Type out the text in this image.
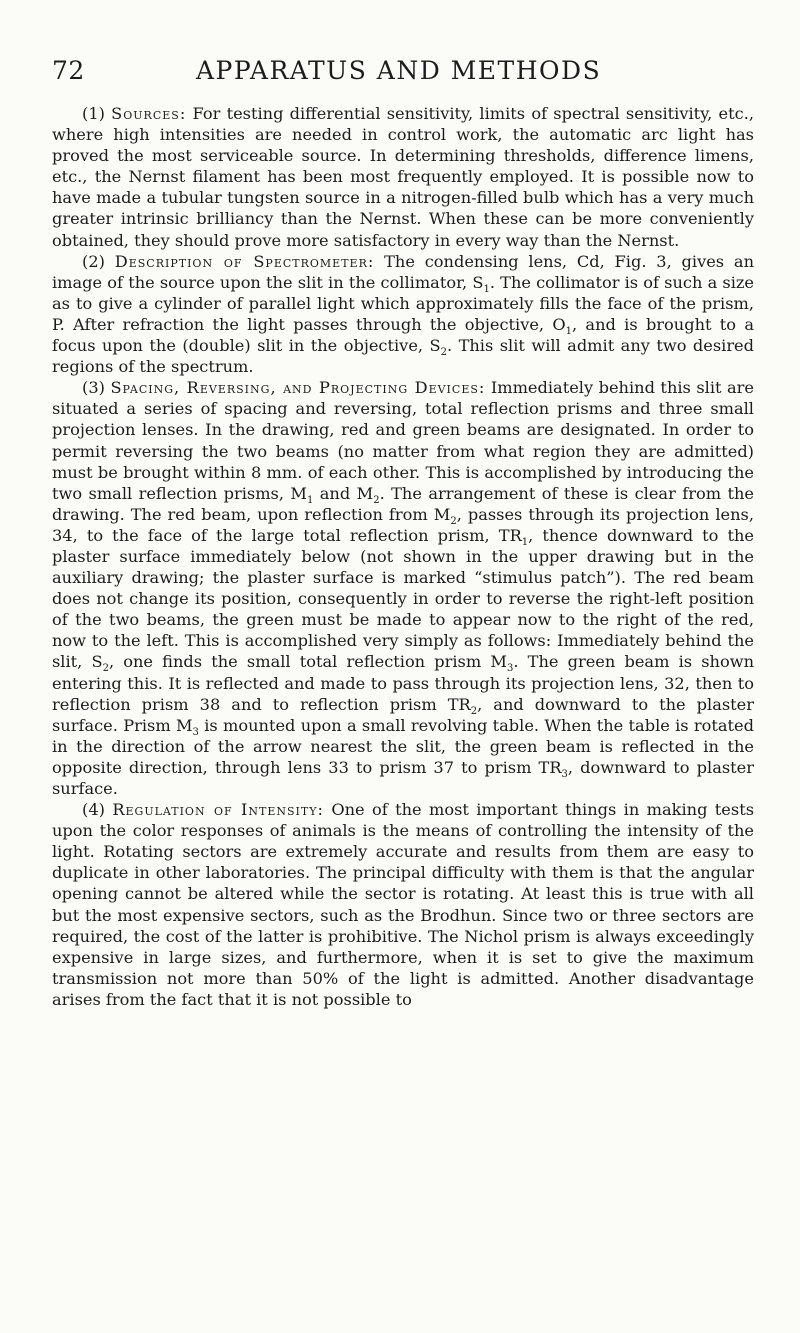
72	APPARATUS AND METHODS

(1) Sources: For testing differential sensitivity, limits of spectral sensitivity, etc., where high intensities are needed in control work, the automatic arc light has proved the most serviceable source. In determining thresholds, difference limens, etc., the Nernst filament has been most frequently employed. It is possible now to have made a tubular tungsten source in a nitrogen-filled bulb which has a very much greater intrinsic brilliancy than the Nernst. When these can be more conveniently obtained, they should prove more satisfactory in every way than the Nernst.

(2) Description of Spectrometer: The condensing lens, Cd, Fig. 3, gives an image of the source upon the slit in the collimator, $S_1$. The collimator is of such a size as to give a cylinder of parallel light which approximately fills the face of the prism, P. After refraction the light passes through the objective, $O_1$, and is brought to a focus upon the (double) slit in the objective, $S_2$. This slit will admit any two desired regions of the spectrum.

(3) Spacing, Reversing, and Projecting Devices: Immediately behind this slit are situated a series of spacing and reversing, total reflection prisms and three small projection lenses. In the drawing, red and green beams are designated. In order to permit reversing the two beams (no matter from what region they are admitted) must be brought within 8 mm. of each other. This is accomplished by introducing the two small reflection prisms, $M_1$ and $M_2$. The arrangement of these is clear from the drawing. The red beam, upon reflection from $M_2$, passes through its projection lens, 34, to the face of the large total reflection prism, $TR_1$, thence downward to the plaster surface immediately below (not shown in the upper drawing but in the auxiliary drawing; the plaster surface is marked “stimulus patch”). The red beam does not change its position, consequently in order to reverse the right-left position of the two beams, the green must be made to appear now to the right of the red, now to the left. This is accomplished very simply as follows: Immediately behind the slit, $S_2$, one finds the small total reflection prism $M_3$. The green beam is shown entering this. It is reflected and made to pass through its projection lens, 32, then to reflection prism 38 and to reflection prism $TR_2$, and downward to the plaster surface. Prism $M_3$ is mounted upon a small revolving table. When the table is rotated in the direction of the arrow nearest the slit, the green beam is reflected in the opposite direction, through lens 33 to prism 37 to prism $TR_3$, downward to plaster surface.

(4) Regulation of Intensity: One of the most important things in making tests upon the color responses of animals is the means of controlling the intensity of the light. Rotating sectors are extremely accurate and results from them are easy to duplicate in other laboratories. The principal difficulty with them is that the angular opening cannot be altered while the sector is rotating. At least this is true with all but the most expensive sectors, such as the Brodhun. Since two or three sectors are required, the cost of the latter is prohibitive. The Nichol prism is always exceedingly expensive in large sizes, and furthermore, when it is set to give the maximum transmission not more than 50% of the light is admitted. Another disadvantage arises from the fact that it is not possible to
